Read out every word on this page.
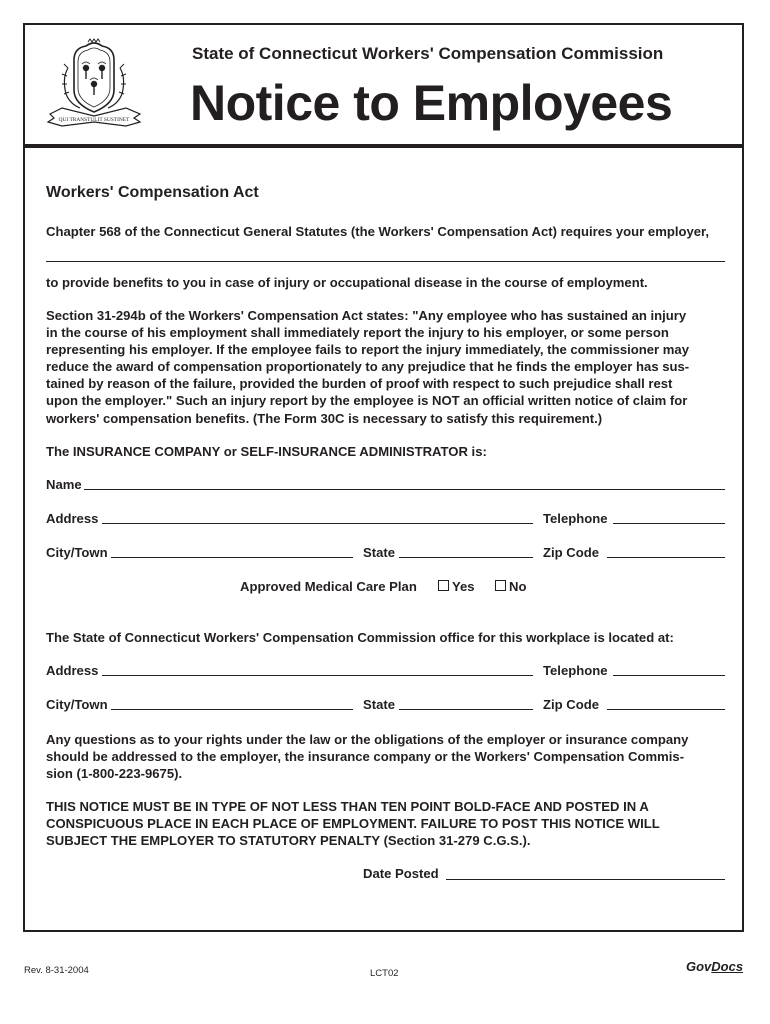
QUI TRANSTULIT SUSTINET
State of Connecticut Workers' Compensation Commission
Notice to Employees
Workers' Compensation Act
Chapter 568 of the Connecticut General Statutes (the Workers' Compensation Act) requires your employer,
to provide benefits to you in case of injury or occupational disease in the course of employment.
Section 31-294b of the Workers' Compensation Act states: "Any employee who has sustained an injury
in the course of his employment shall immediately report the injury to his employer, or some person
representing his employer. If the employee fails to report the injury immediately, the commissioner may
reduce the award of compensation proportionately to any prejudice that he finds the employer has sus-
tained by reason of the failure, provided the burden of proof with respect to such prejudice shall rest
upon the employer." Such an injury report by the employee is NOT an official written notice of claim for
workers' compensation benefits. (The Form 30C is necessary to satisfy this requirement.)
The INSURANCE COMPANY or SELF-INSURANCE ADMINISTRATOR is:
Name
Address	Telephone
City/Town	State	Zip Code
Approved Medical Care Plan	Yes	No
The State of Connecticut Workers' Compensation Commission office for this workplace is located at:
Address	Telephone
City/Town	State	Zip Code
Any questions as to your rights under the law or the obligations of the employer or insurance company
should be addressed to the employer, the insurance company or the Workers' Compensation Commis-
sion (1-800-223-9675).
THIS NOTICE MUST BE IN TYPE OF NOT LESS THAN TEN POINT BOLD-FACE AND POSTED IN A
CONSPICUOUS PLACE IN EACH PLACE OF EMPLOYMENT. FAILURE TO POST THIS NOTICE WILL
SUBJECT THE EMPLOYER TO STATUTORY PENALTY (Section 31-279 C.G.S.).
Date Posted
Rev. 8-31-2004	LCT02	GovDocs
